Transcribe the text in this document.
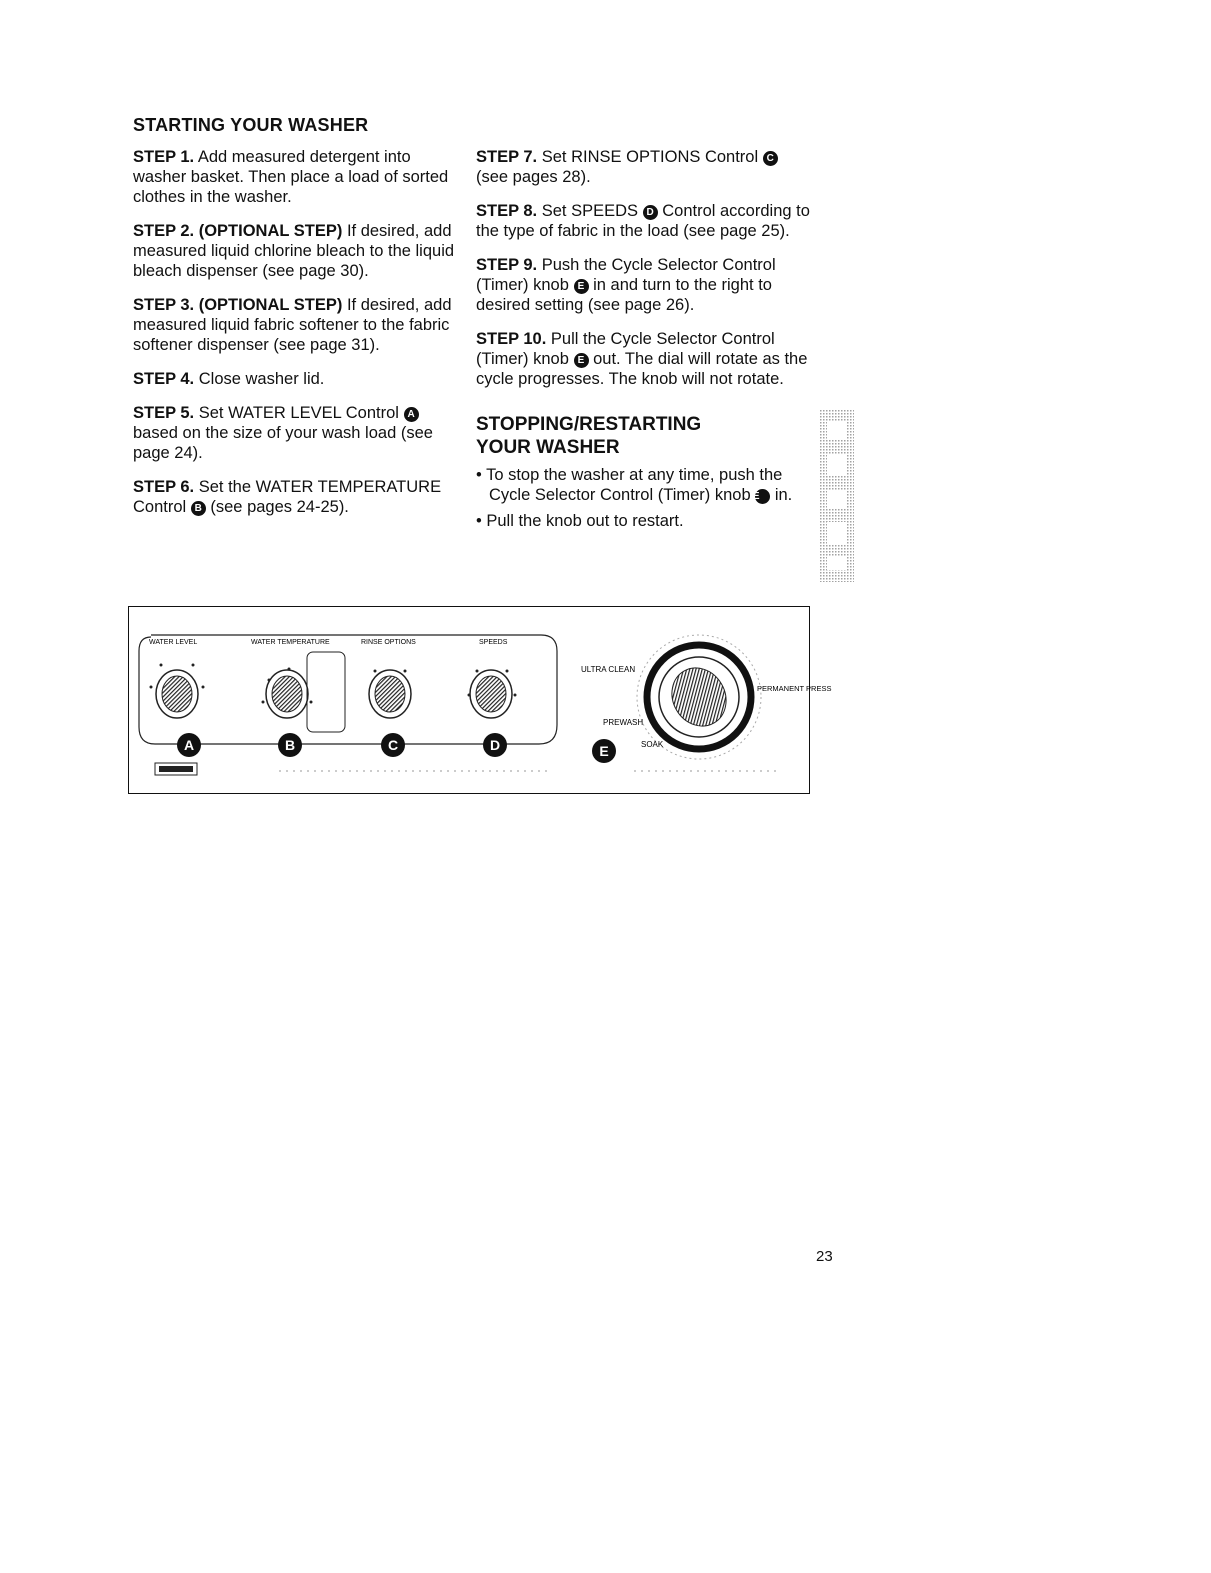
STARTING YOUR WASHER

STEP 1. Add measured detergent into washer basket. Then place a load of sorted clothes in the washer.

STEP 2. (OPTIONAL STEP) If desired, add measured liquid chlorine bleach to the liquid bleach dispenser (see page 30).

STEP 3. (OPTIONAL STEP) If desired, add measured liquid fabric softener to the fabric softener dispenser (see page 31).

STEP 4. Close washer lid.

STEP 5. Set WATER LEVEL Control A based on the size of your wash load (see page 24).

STEP 6. Set the WATER TEMPERATURE Control B (see pages 24-25).

STEP 7. Set RINSE OPTIONS Control C (see pages 28).

STEP 8. Set SPEEDS D Control according to the type of fabric in the load (see page 25).

STEP 9. Push the Cycle Selector Control (Timer) knob E in and turn to the right to desired setting (see page 26).

STEP 10. Pull the Cycle Selector Control (Timer) knob E out. The dial will rotate as the cycle progresses. The knob will not rotate.

STOPPING/RESTARTING
YOUR WASHER

• To stop the washer at any time, push the Cycle Selector Control (Timer) knob E in.

• Pull the knob out to restart.

WATER LEVEL	WATER TEMPERATURE	RINSE OPTIONS	SPEEDS
A	B	C	D
ULTRA CLEAN
PREWASH
SOAK
PERMANENT PRESS
E
23
